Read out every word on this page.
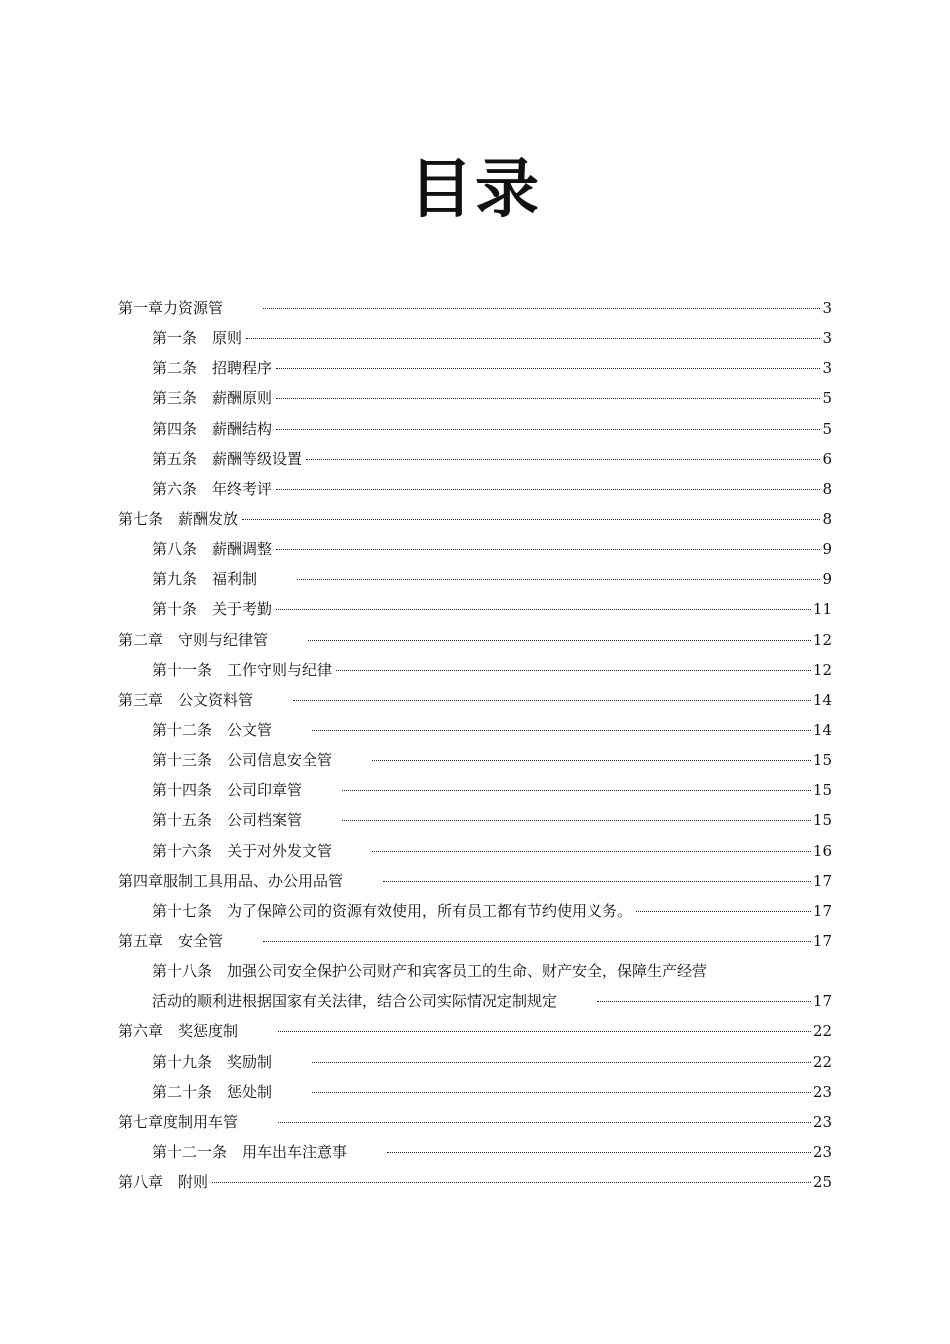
目录
第一章力资源管	3
第一条　原则	3
第二条　招聘程序	3
第三条　薪酬原则	5
第四条　薪酬结构	5
第五条　薪酬等级设置	6
第六条　年终考评	8
第七条　薪酬发放	8
第八条　薪酬调整	9
第九条　福利制	9
第十条　关于考勤	11
第二章　守则与纪律管	12
第十一条　工作守则与纪律	12
第三章　公文资料管	14
第十二条　公文管	14
第十三条　公司信息安全管	15
第十四条　公司印章管	15
第十五条　公司档案管	15
第十六条　关于对外发文管	16
第四章服制工具用品、办公用品管	17
第十七条　为了保障公司的资源有效使用，所有员工都有节约使用义务。	17
第五章　安全管	17
第十八条　加强公司安全保护公司财产和宾客员工的生命、财产安全，保障生产经营
活动的顺利进根据国家有关法律，结合公司实际情况定制规定	17
第六章　奖惩度制	22
第十九条　奖励制	22
第二十条　惩处制	23
第七章度制用车管	23
第十二一条　用车出车注意事	23
第八章　附则	25
